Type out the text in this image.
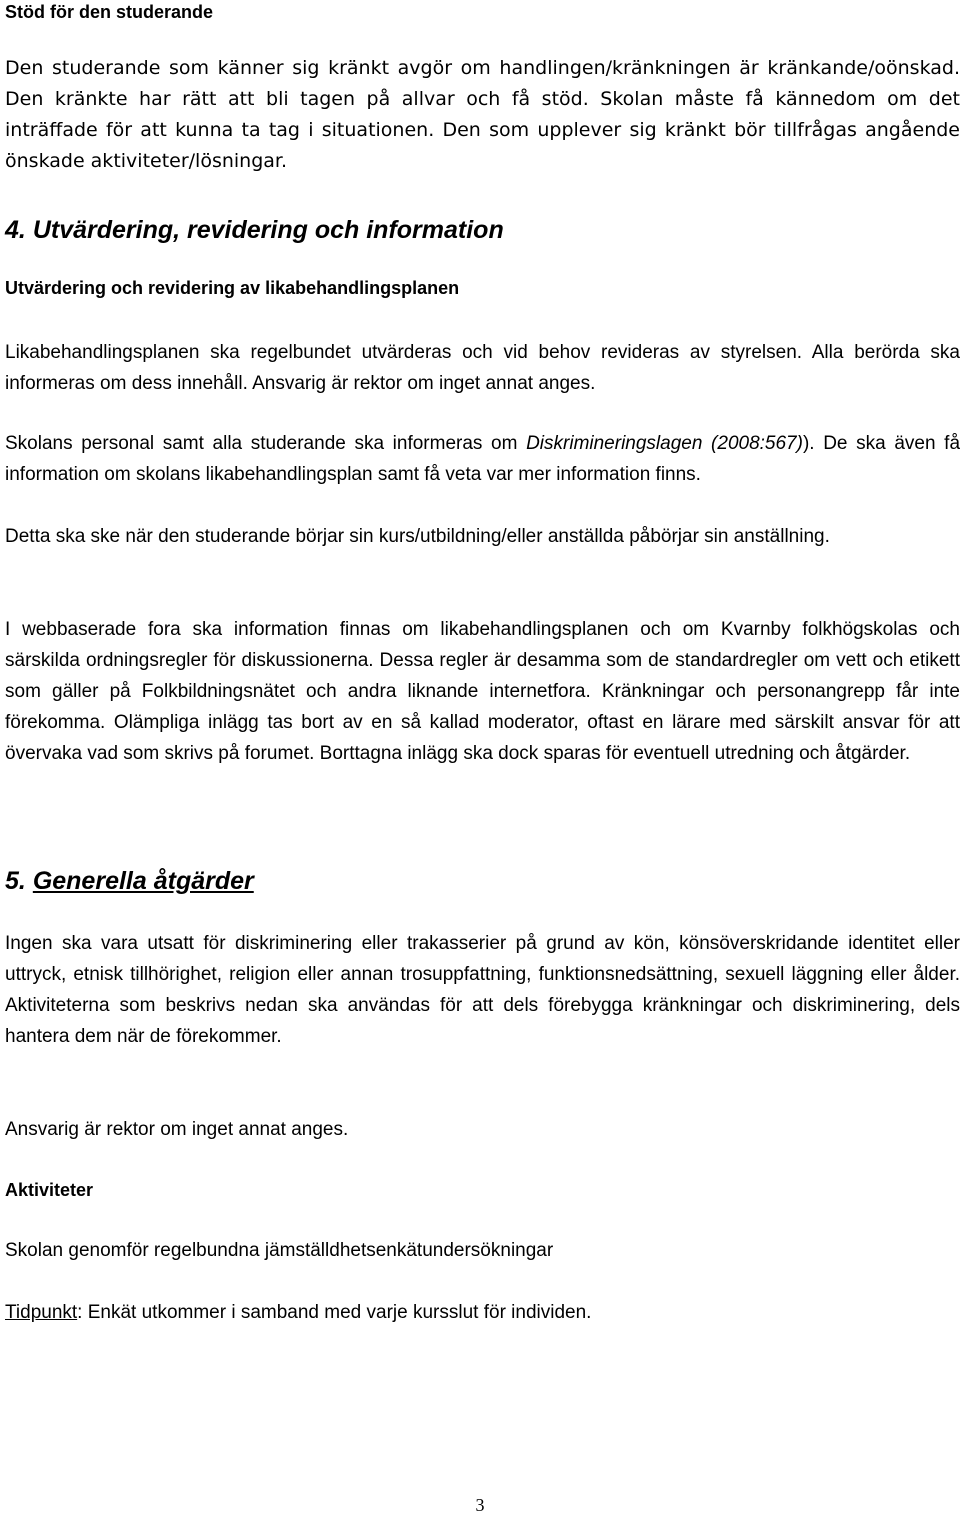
Stöd för den studerande

Den studerande som känner sig kränkt avgör om handlingen/kränkningen är kränkande/oönskad. Den kränkte har rätt att bli tagen på allvar och få stöd. Skolan måste få kännedom om det inträffade för att kunna ta tag i situationen. Den som upplever sig kränkt bör tillfrågas angående önskade aktiviteter/lösningar.

4. Utvärdering, revidering och information
Utvärdering och revidering av likabehandlingsplanen

Likabehandlingsplanen ska regelbundet utvärderas och vid behov revideras av styrelsen. Alla berörda ska informeras om dess innehåll. Ansvarig är rektor om inget annat anges.

Skolans personal samt alla studerande ska informeras om Diskrimineringslagen (2008:567)). De ska även få information om skolans likabehandlingsplan samt få veta var mer information finns.

Detta ska ske när den studerande börjar sin kurs/utbildning/eller anställda påbörjar sin anställning.

I webbaserade fora ska information finnas om likabehandlingsplanen och om Kvarnby folkhögskolas och särskilda ordningsregler för diskussionerna. Dessa regler är desamma som de standardregler om vett och etikett som gäller på Folkbildningsnätet och andra liknande internetfora. Kränkningar och personangrepp får inte förekomma. Olämpliga inlägg tas bort av en så kallad moderator, oftast en lärare med särskilt ansvar för att övervaka vad som skrivs på forumet. Borttagna inlägg ska dock sparas för eventuell utredning och åtgärder.

5. Generella åtgärder

Ingen ska vara utsatt för diskriminering eller trakasserier på grund av kön, könsöverskridande identitet eller uttryck, etnisk tillhörighet, religion eller annan trosuppfattning, funktionsnedsättning, sexuell läggning eller ålder. Aktiviteterna som beskrivs nedan ska användas för att dels förebygga kränkningar och diskriminering, dels hantera dem när de förekommer.

Ansvarig är rektor om inget annat anges.

Aktiviteter

Skolan genomför regelbundna jämställdhetsenkätundersökningar

Tidpunkt: Enkät utkommer i samband med varje kursslut för individen.

3
